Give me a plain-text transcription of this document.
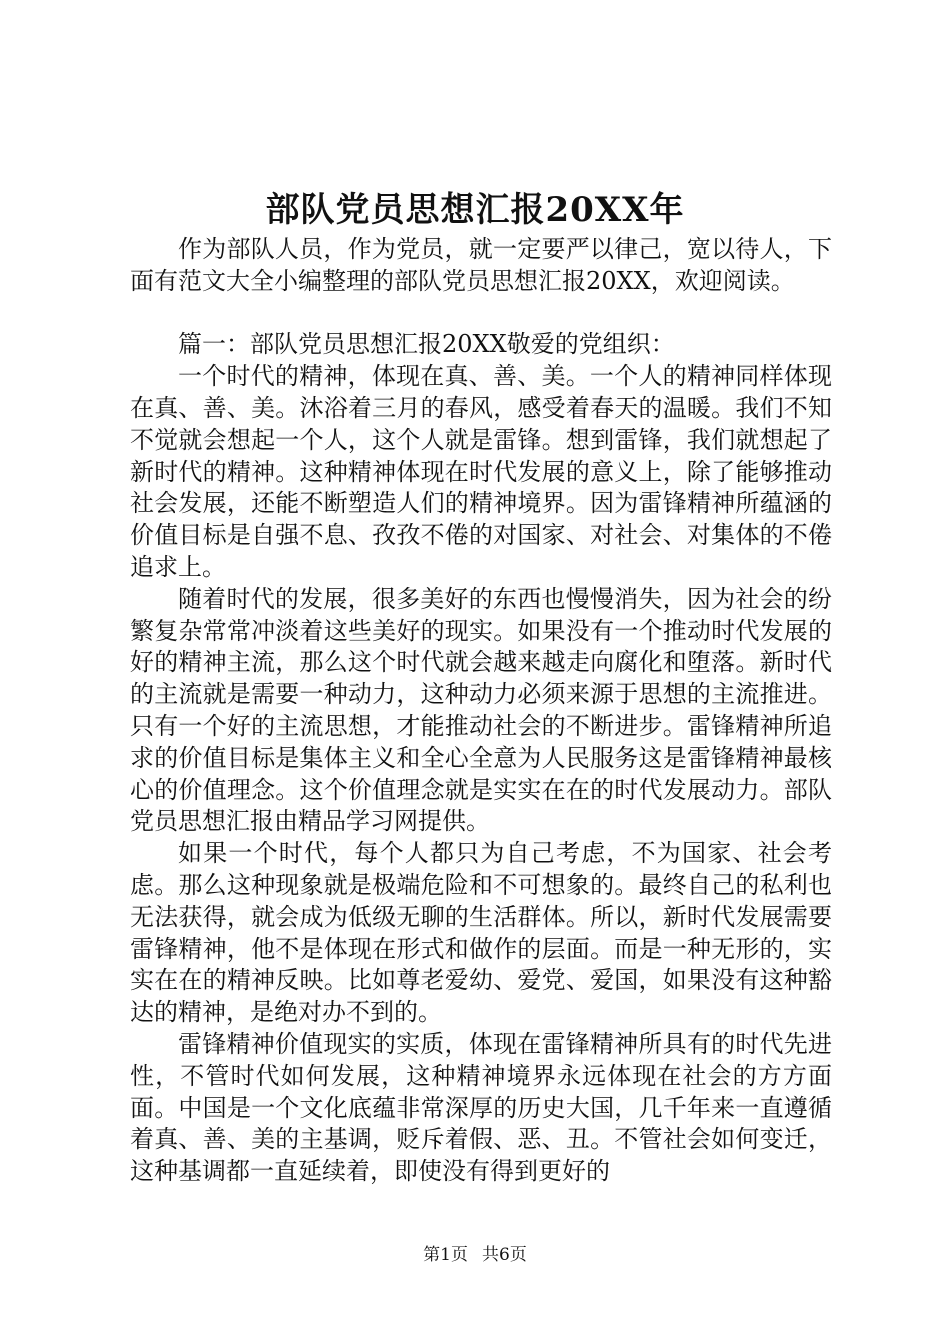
部队党员思想汇报20XX年

作为部队人员，作为党员，就一定要严以律己，宽以待人，下面有范文大全小编整理的部队党员思想汇报20XX，欢迎阅读。

篇一：部队党员思想汇报20XX敬爱的党组织：

一个时代的精神，体现在真、善、美。一个人的精神同样体现在真、善、美。沐浴着三月的春风，感受着春天的温暖。我们不知不觉就会想起一个人，这个人就是雷锋。想到雷锋，我们就想起了新时代的精神。这种精神体现在时代发展的意义上，除了能够推动社会发展，还能不断塑造人们的精神境界。因为雷锋精神所蕴涵的价值目标是自强不息、孜孜不倦的对国家、对社会、对集体的不倦追求上。

随着时代的发展，很多美好的东西也慢慢消失，因为社会的纷繁复杂常常冲淡着这些美好的现实。如果没有一个推动时代发展的好的精神主流，那么这个时代就会越来越走向腐化和堕落。新时代的主流就是需要一种动力，这种动力必须来源于思想的主流推进。只有一个好的主流思想，才能推动社会的不断进步。雷锋精神所追求的价值目标是集体主义和全心全意为人民服务这是雷锋精神最核心的价值理念。这个价值理念就是实实在在的时代发展动力。部队党员思想汇报由精品学习网提供。

如果一个时代，每个人都只为自己考虑，不为国家、社会考虑。那么这种现象就是极端危险和不可想象的。最终自己的私利也无法获得，就会成为低级无聊的生活群体。所以，新时代发展需要雷锋精神，他不是体现在形式和做作的层面。而是一种无形的，实实在在的精神反映。比如尊老爱幼、爱党、爱国，如果没有这种豁达的精神，是绝对办不到的。

雷锋精神价值现实的实质，体现在雷锋精神所具有的时代先进性，不管时代如何发展，这种精神境界永远体现在社会的方方面面。中国是一个文化底蕴非常深厚的历史大国，几千年来一直遵循着真、善、美的主基调，贬斥着假、恶、丑。不管社会如何变迁，这种基调都一直延续着，即使没有得到更好的

第1页 共6页
